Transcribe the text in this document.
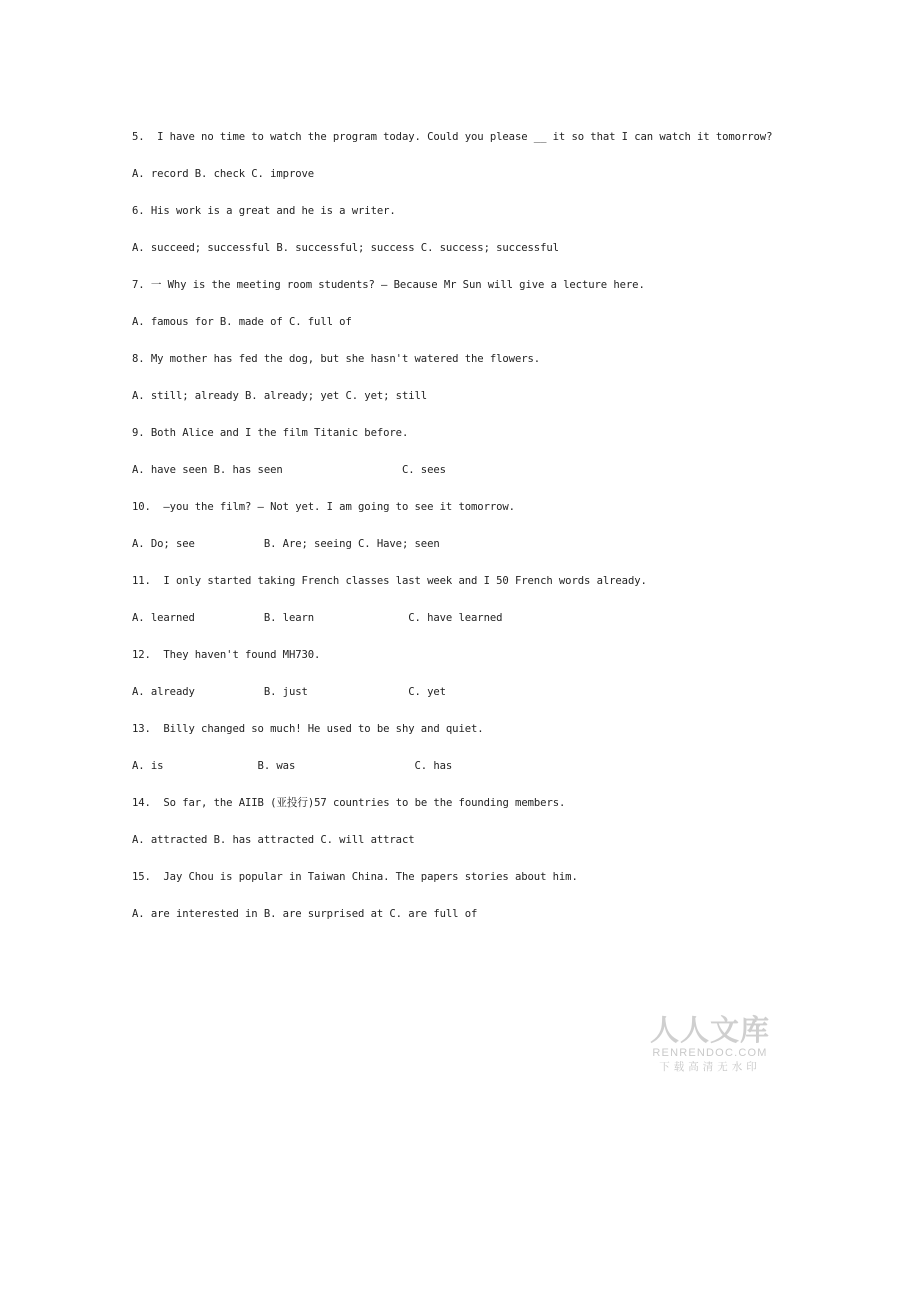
5.  I have no time to watch the program today. Could you please __ it so that I can watch it tomorrow?

A. record B. check C. improve

6. His work is a great and he is a writer.

A. succeed; successful B. successful; success C. success; successful

7. 一 Why is the meeting room students? — Because Mr Sun will give a lecture here.

A. famous for B. made of C. full of

8. My mother has fed the dog, but she hasn't watered the flowers.

A. still; already B. already; yet C. yet; still

9. Both Alice and I the film Titanic before.

A. have seen B. has seen                   C. sees

10.  —you the film? — Not yet. I am going to see it tomorrow.

A. Do; see           B. Are; seeing C. Have; seen

11.  I only started taking French classes last week and I 50 French words already.

A. learned           B. learn               C. have learned

12.  They haven't found MH730.

A. already           B. just                C. yet

13.  Billy changed so much! He used to be shy and quiet.

A. is               B. was                   C. has

14.  So far, the AIIB (亚投行)57 countries to be the founding members.

A. attracted B. has attracted C. will attract

15.  Jay Chou is popular in Taiwan China. The papers stories about him.

A. are interested in B. are surprised at C. are full of

人人文库
RENRENDOC.COM
下载高清无水印
